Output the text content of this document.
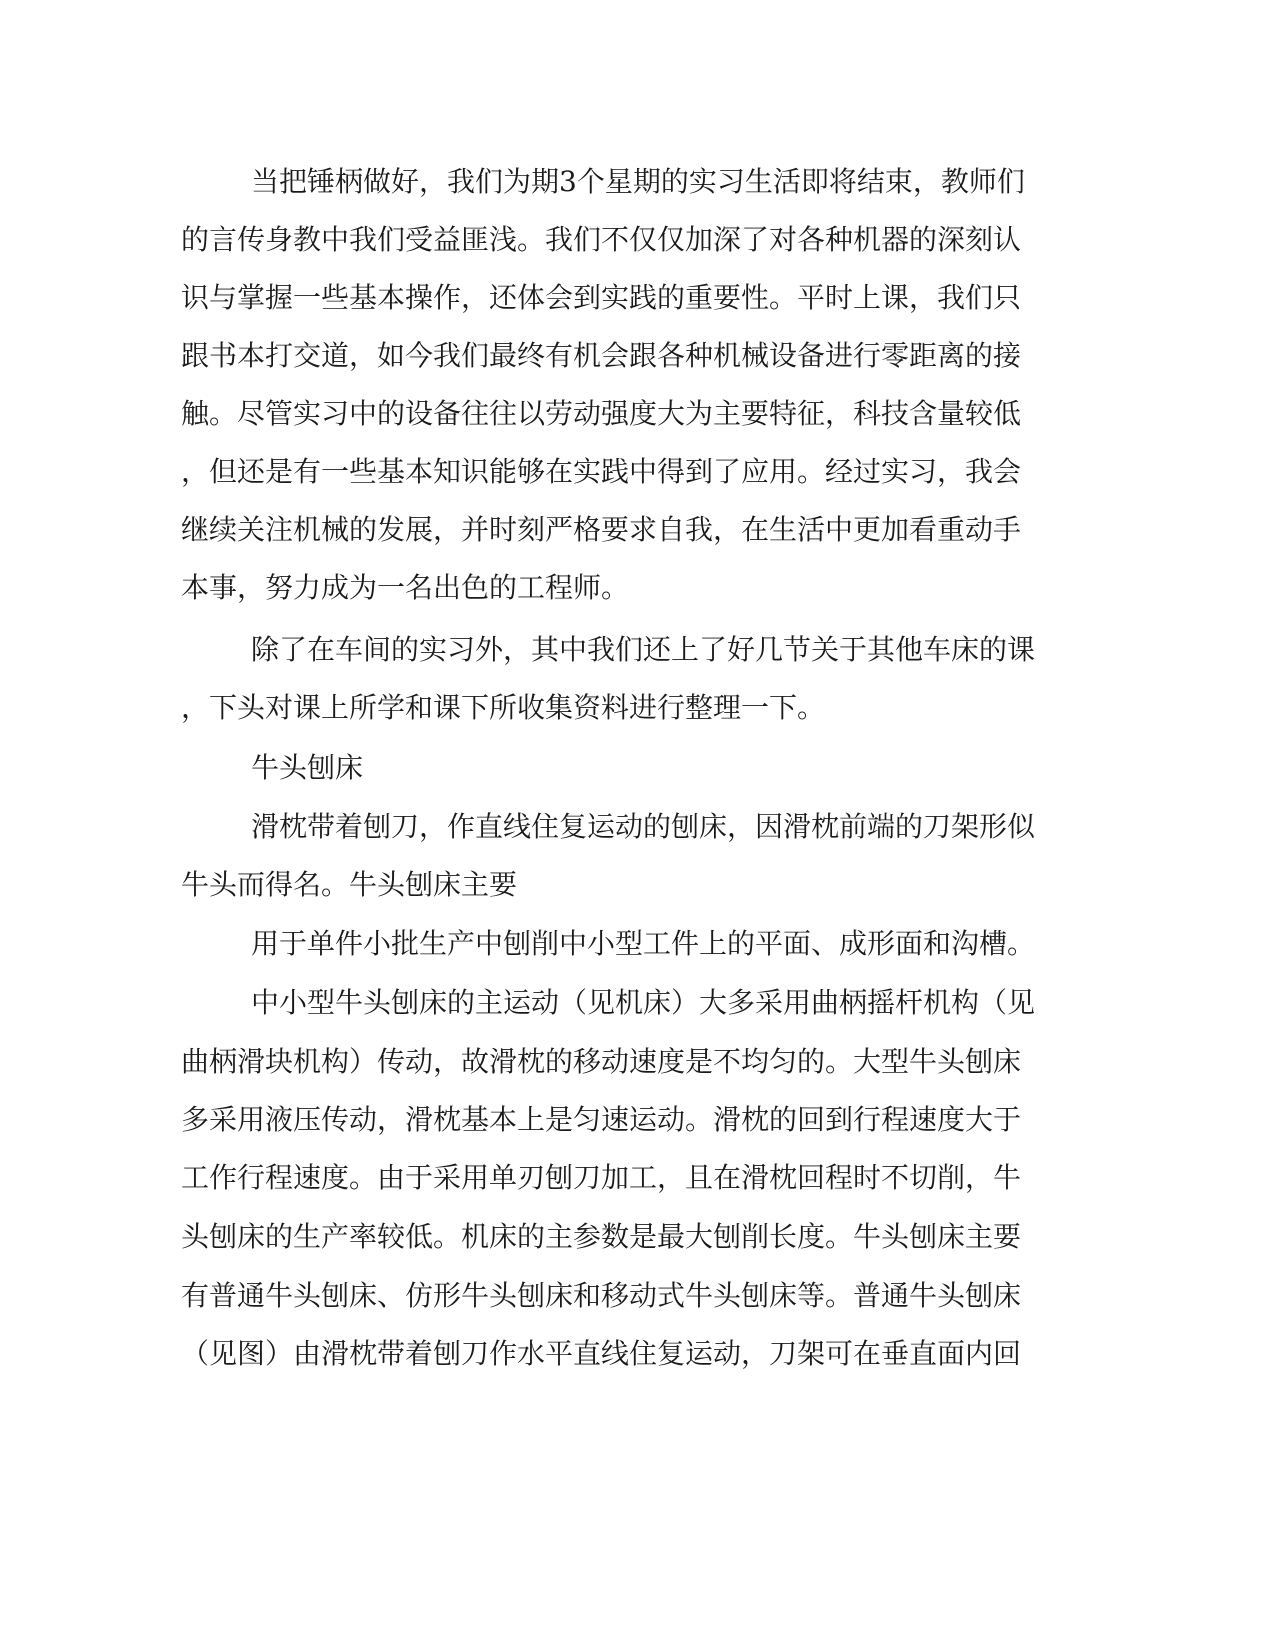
当把锤柄做好，我们为期3个星期的实习生活即将结束，教师们
的言传身教中我们受益匪浅。我们不仅仅加深了对各种机器的深刻认
识与掌握一些基本操作，还体会到实践的重要性。平时上课，我们只
跟书本打交道，如今我们最终有机会跟各种机械设备进行零距离的接
触。尽管实习中的设备往往以劳动强度大为主要特征，科技含量较低
，但还是有一些基本知识能够在实践中得到了应用。经过实习，我会
继续关注机械的发展，并时刻严格要求自我，在生活中更加看重动手
本事，努力成为一名出色的工程师。
除了在车间的实习外，其中我们还上了好几节关于其他车床的课
，下头对课上所学和课下所收集资料进行整理一下。
牛头刨床
滑枕带着刨刀，作直线住复运动的刨床，因滑枕前端的刀架形似
牛头而得名。牛头刨床主要
用于单件小批生产中刨削中小型工件上的平面、成形面和沟槽。
中小型牛头刨床的主运动（见机床）大多采用曲柄摇杆机构（见
曲柄滑块机构）传动，故滑枕的移动速度是不均匀的。大型牛头刨床
多采用液压传动，滑枕基本上是匀速运动。滑枕的回到行程速度大于
工作行程速度。由于采用单刃刨刀加工，且在滑枕回程时不切削，牛
头刨床的生产率较低。机床的主参数是最大刨削长度。牛头刨床主要
有普通牛头刨床、仿形牛头刨床和移动式牛头刨床等。普通牛头刨床
（见图）由滑枕带着刨刀作水平直线住复运动，刀架可在垂直面内回
